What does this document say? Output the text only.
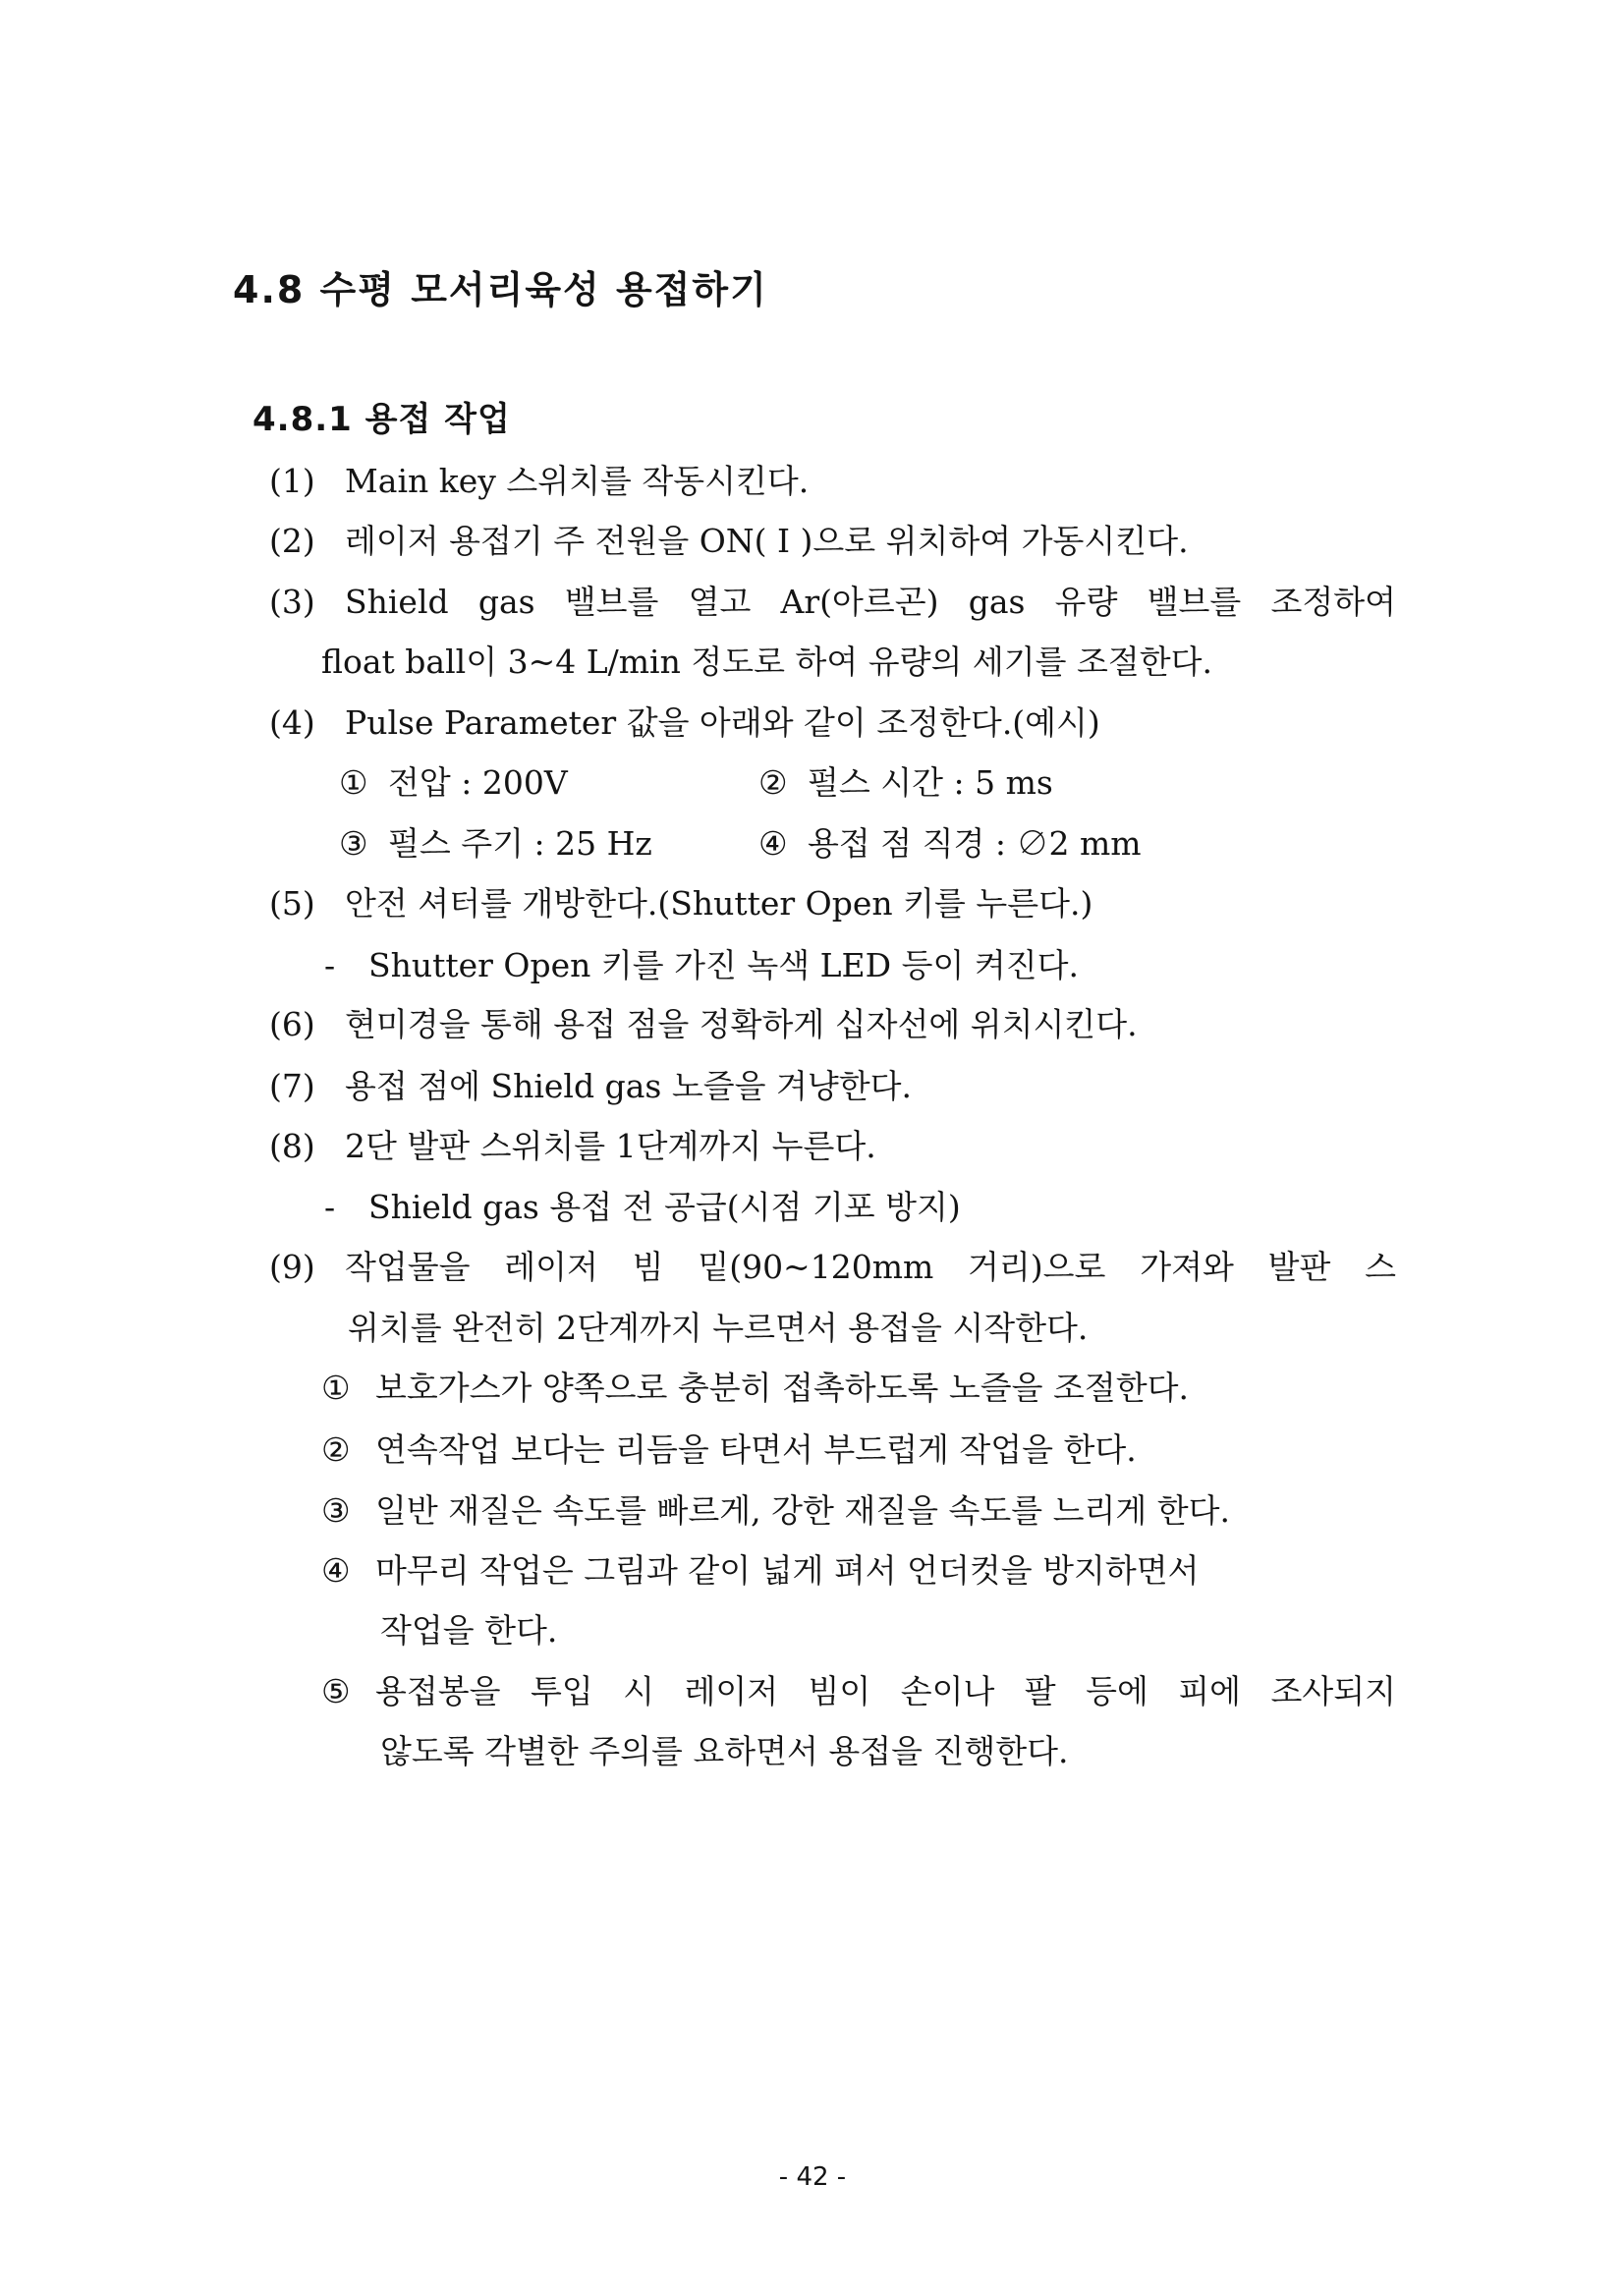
4.8 수평 모서리육성 용접하기
4.8.1 용접 작업
(1) Main key 스위치를 작동시킨다.
(2) 레이저 용접기 주 전원을 ON( I )으로 위치하여 가동시킨다.
(3) Shield gas 밸브를 열고 Ar(아르곤) gas 유량 밸브를 조정하여
float ball이 3~4 L/min 정도로 하여 유량의 세기를 조절한다.
(4) Pulse Parameter 값을 아래와 같이 조정한다.(예시)
① 전압 : 200V	② 펄스 시간 : 5 ms
③ 펄스 주기 : 25 Hz	④ 용접 점 직경 : ∅2 mm
(5) 안전 셔터를 개방한다.(Shutter Open 키를 누른다.)
- Shutter Open 키를 가진 녹색 LED 등이 켜진다.
(6) 현미경을 통해 용접 점을 정확하게 십자선에 위치시킨다.
(7) 용접 점에 Shield gas 노즐을 겨냥한다.
(8) 2단 발판 스위치를 1단계까지 누른다.
- Shield gas 용접 전 공급(시점 기포 방지)
(9) 작업물을 레이저 빔 밑(90~120mm 거리)으로 가져와 발판 스
위치를 완전히 2단계까지 누르면서 용접을 시작한다.
① 보호가스가 양쪽으로 충분히 접촉하도록 노즐을 조절한다.
② 연속작업 보다는 리듬을 타면서 부드럽게 작업을 한다.
③ 일반 재질은 속도를 빠르게, 강한 재질을 속도를 느리게 한다.
④ 마무리 작업은 그림과 같이 넓게 펴서 언더컷을 방지하면서
작업을 한다.
⑤ 용접봉을 투입 시 레이저 빔이 손이나 팔 등에 피에 조사되지
않도록 각별한 주의를 요하면서 용접을 진행한다.
- 42 -
